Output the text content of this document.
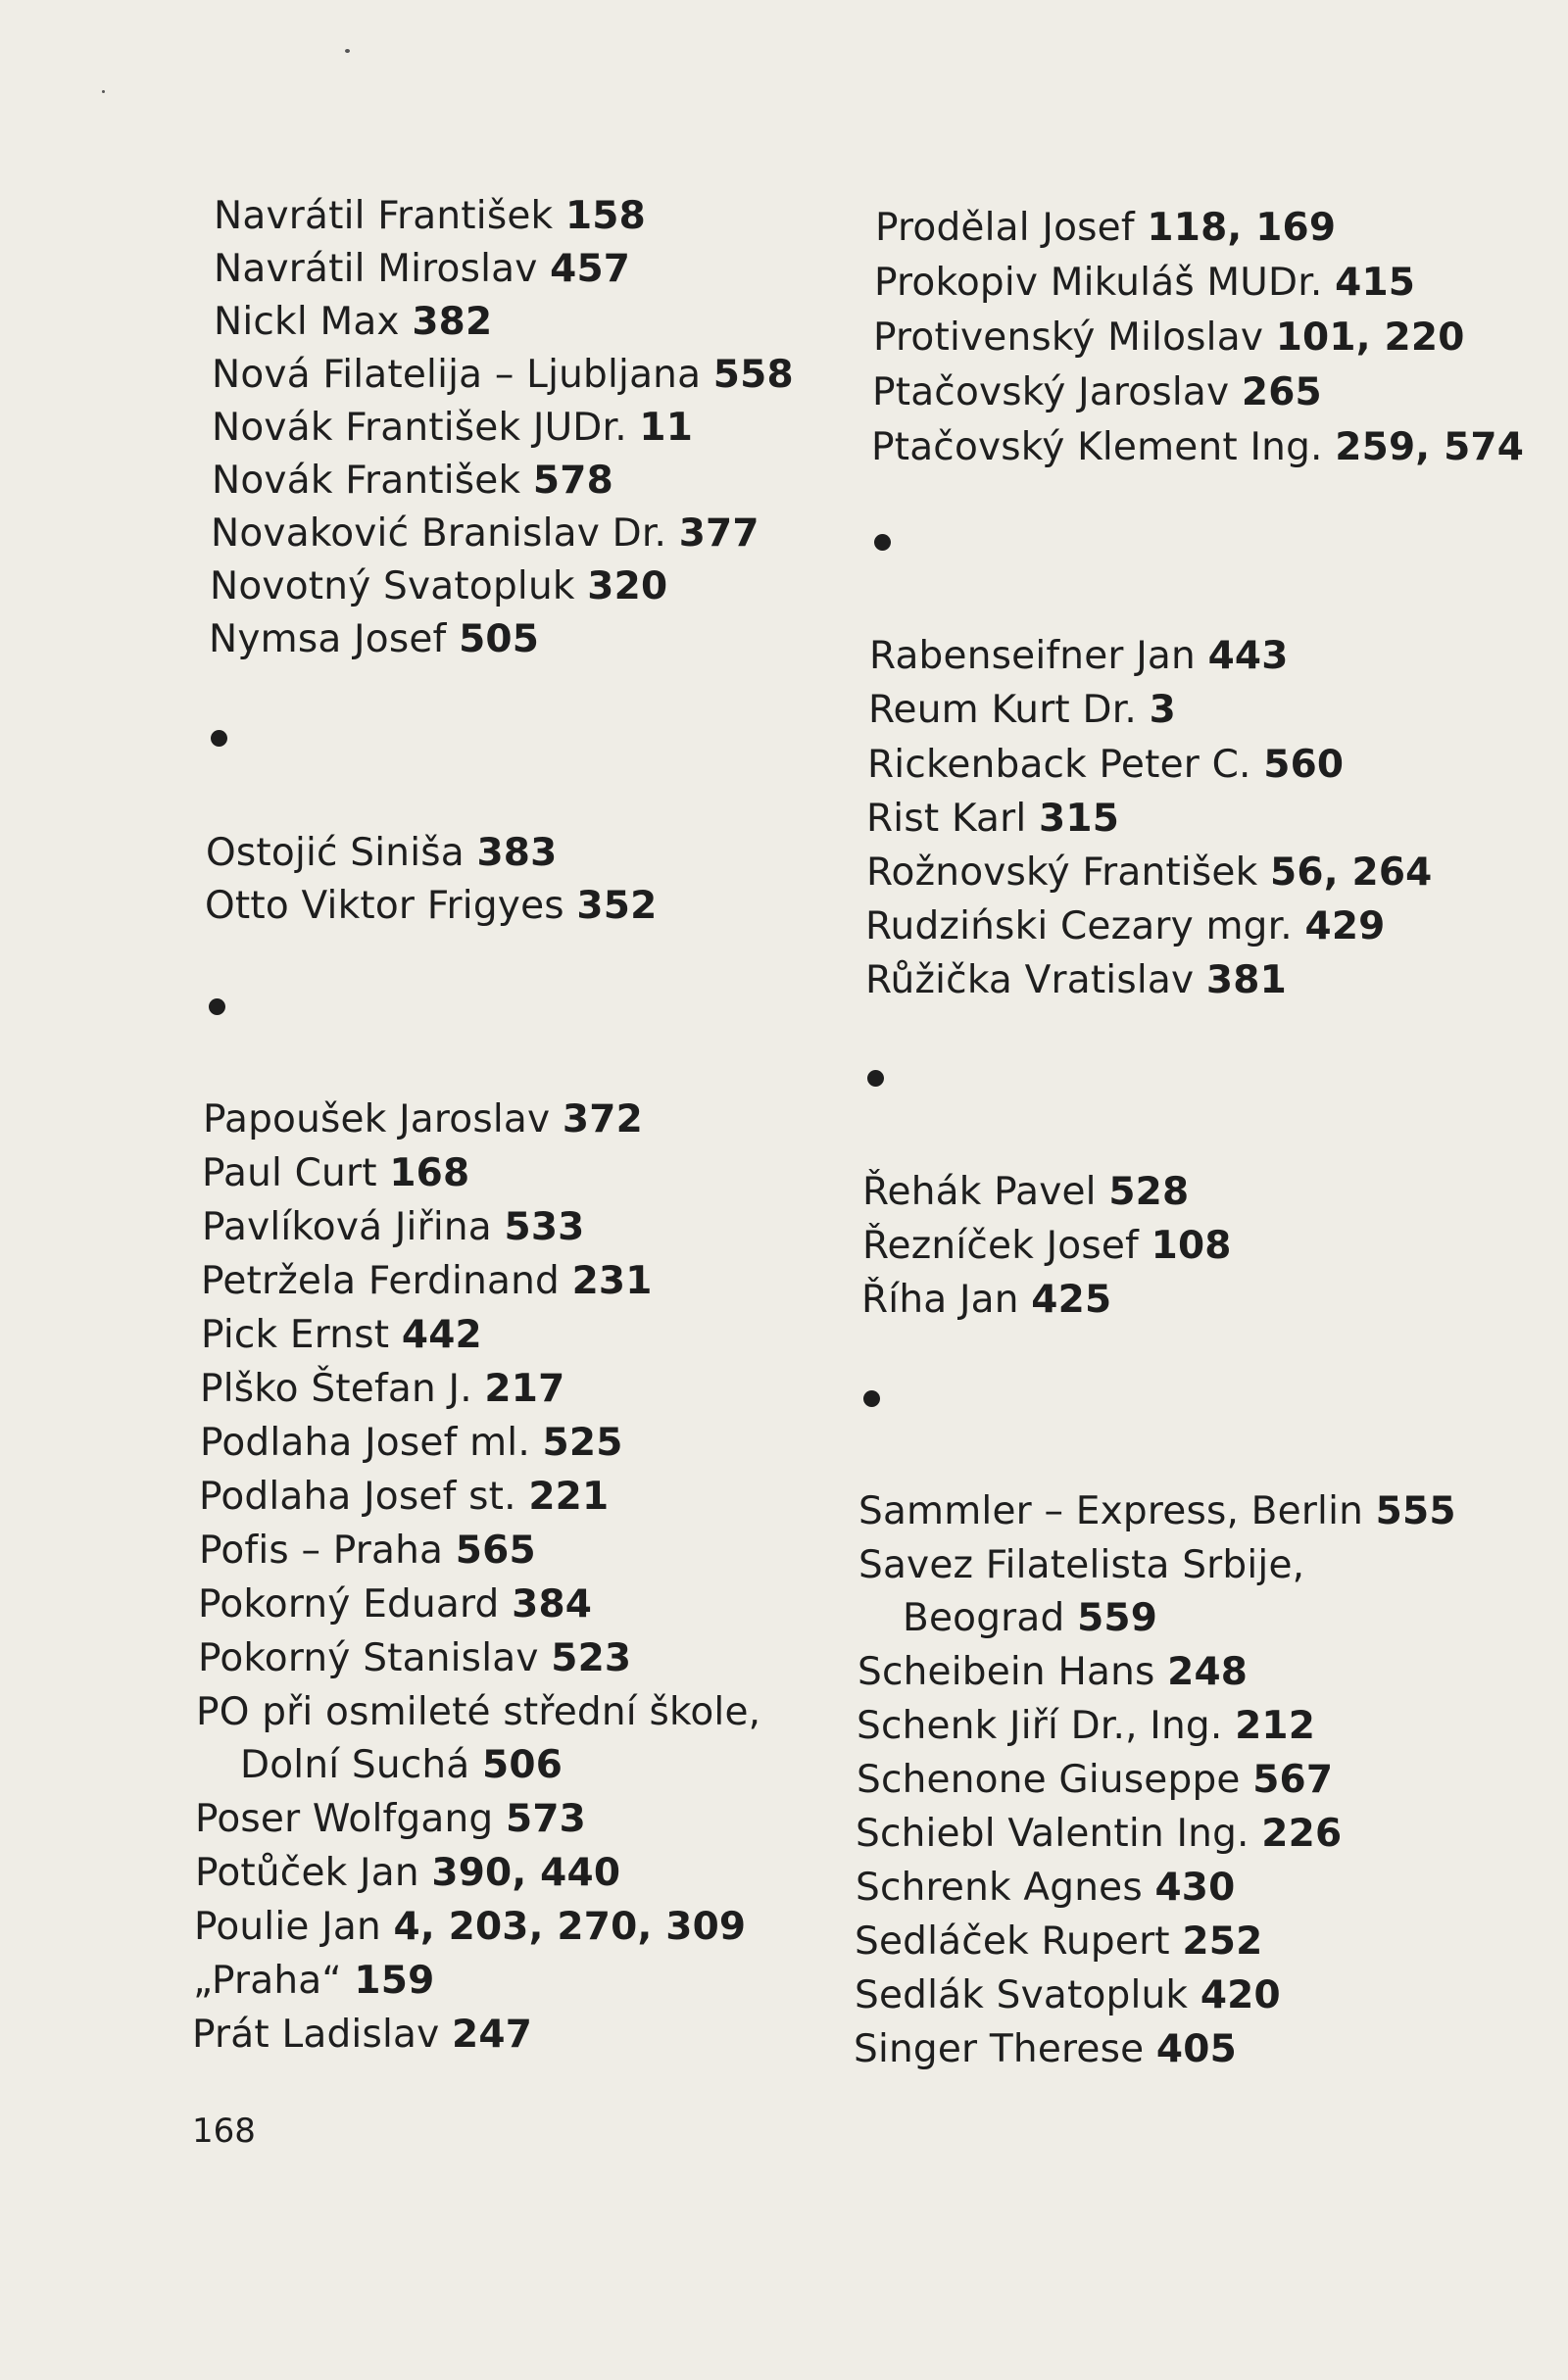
Navrátil František 158
Navrátil Miroslav 457
Nickl Max 382
Nová Filatelija – Ljubljana 558
Novák František JUDr. 11
Novák František 578
Novaković Branislav Dr. 377
Novotný Svatopluk 320
Nymsa Josef 505
Ostojić Siniša 383
Otto Viktor Frigyes 352
Papoušek Jaroslav 372
Paul Curt 168
Pavlíková Jiřina 533
Petržela Ferdinand 231
Pick Ernst 442
Plško Štefan J. 217
Podlaha Josef ml. 525
Podlaha Josef st. 221
Pofis – Praha 565
Pokorný Eduard 384
Pokorný Stanislav 523
PO při osmileté střední škole,
Dolní Suchá 506
Poser Wolfgang 573
Potůček Jan 390, 440
Poulie Jan 4, 203, 270, 309
„Praha“ 159
Prát Ladislav 247
168
Prodělal Josef 118, 169
Prokopiv Mikuláš MUDr. 415
Protivenský Miloslav 101, 220
Ptačovský Jaroslav 265
Ptačovský Klement Ing. 259, 574
Rabenseifner Jan 443
Reum Kurt Dr. 3
Rickenback Peter C. 560
Rist Karl 315
Rožnovský František 56, 264
Rudziński Cezary mgr. 429
Růžička Vratislav 381
Řehák Pavel 528
Řezníček Josef 108
Říha Jan 425
Sammler – Express, Berlin 555
Savez Filatelista Srbije,
Beograd 559
Scheibein Hans 248
Schenk Jiří Dr., Ing. 212
Schenone Giuseppe 567
Schiebl Valentin Ing. 226
Schrenk Agnes 430
Sedláček Rupert 252
Sedlák Svatopluk 420
Singer Therese 405
